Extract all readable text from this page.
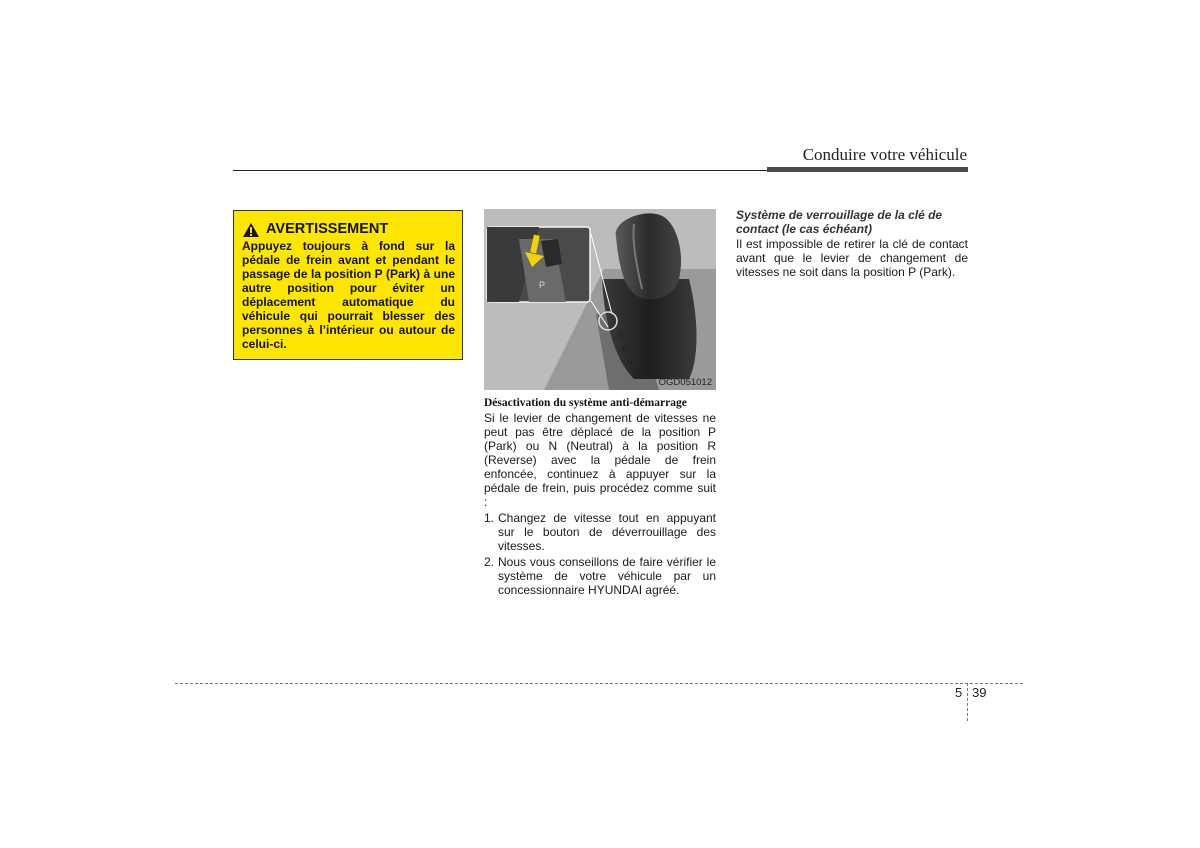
Conduire votre véhicule
AVERTISSEMENT

Appuyez toujours à fond sur la pédale de frein avant et pendant le passage de la position P (Park) à une autre position pour éviter un déplacement automatique du véhicule qui pourrait blesser des personnes à l’intérieur ou autour de celui-ci.

P
R
N
D
P
OGD051012

Désactivation du système anti-démarrage

Si le levier de changement de vitesses ne peut pas être déplacé de la position P (Park) ou N (Neutral) à la position R (Reverse) avec la pédale de frein enfoncée, continuez à appuyer sur la pédale de frein, puis procédez comme suit :

1. Changez de vitesse tout en appuyant sur le bouton de déverrouillage des vitesses.
2. Nous vous conseillons de faire vérifier le système de votre véhicule par un concessionnaire HYUNDAI agréé.

Système de verrouillage de la clé de contact (le cas échéant)

Il est impossible de retirer la clé de contact avant que le levier de changement de vitesses ne soit dans la position P (Park).

5 39
